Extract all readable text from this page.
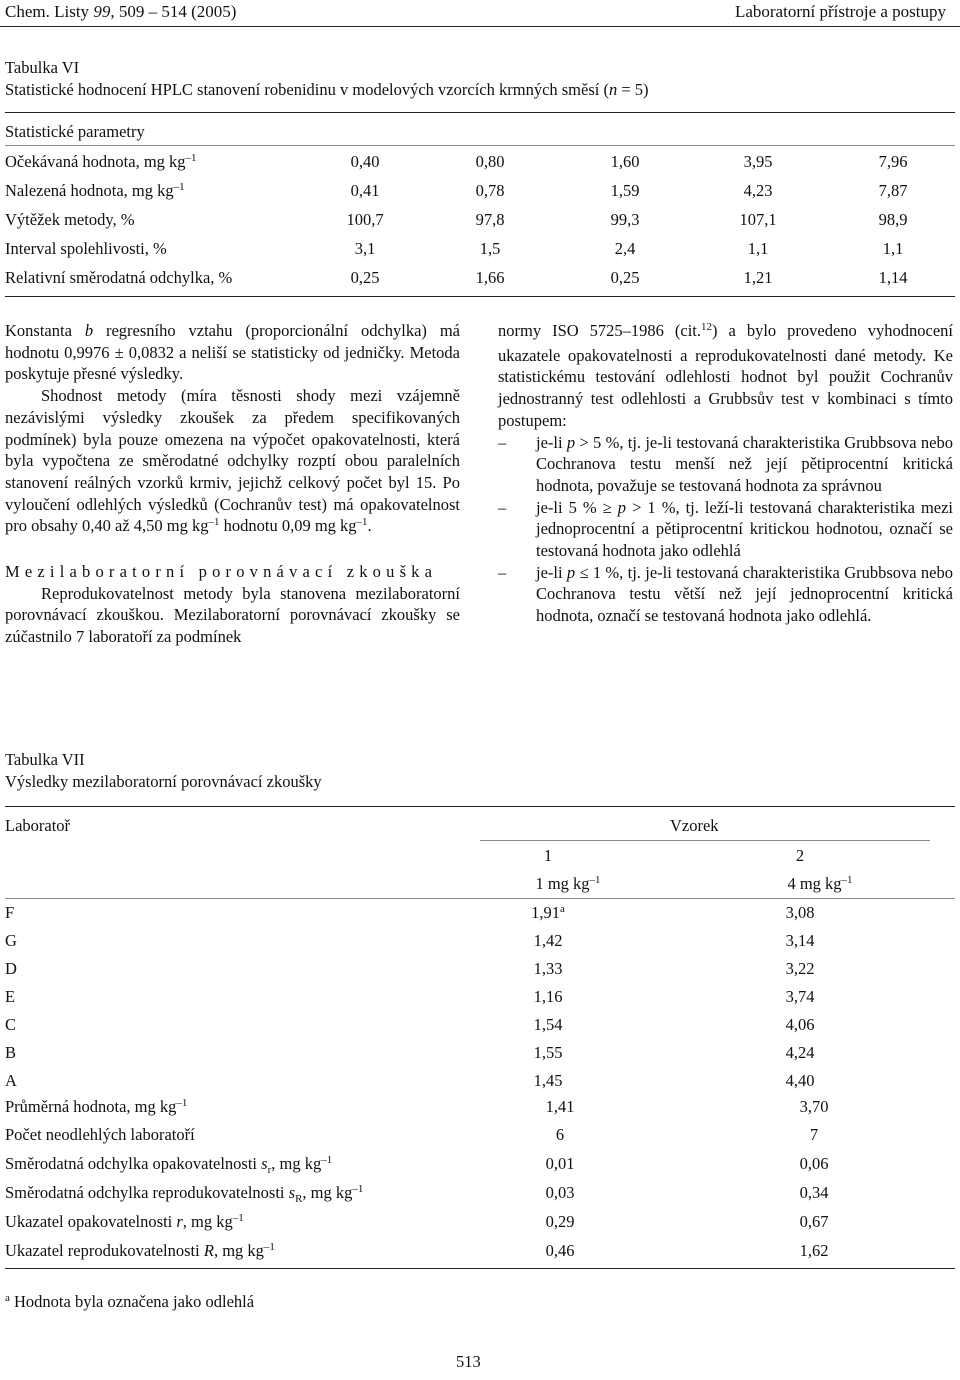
Chem. Listy 99, 509 – 514 (2005)	Laboratorní přístroje a postupy
Tabulka VI
Statistické hodnocení HPLC stanovení robenidinu v modelových vzorcích krmných směsí (n = 5)
Statistické parametry
Očekávaná hodnota, mg $kg^{-1}$	0,40	0,80	1,60	3,95	7,96
Nalezená hodnota, mg $kg^{-1}$	0,41	0,78	1,59	4,23	7,87
Výtěžek metody, %	100,7	97,8	99,3	107,1	98,9
Interval spolehlivosti, %	3,1	1,5	2,4	1,1	1,1
Relativní směrodatná odchylka, %	0,25	1,66	0,25	1,21	1,14

Konstanta b regresního vztahu (proporcionální odchylka) má hodnotu 0,9976 ± 0,0832 a neliší se statisticky od jedničky. Metoda poskytuje přesné výsledky.

Shodnost metody (míra těsnosti shody mezi vzájemně nezávislými výsledky zkoušek za předem specifikovaných podmínek) byla pouze omezena na výpočet opakovatelnosti, která byla vypočtena ze směrodatné odchylky rozptí obou paralelních stanovení reálných vzorků krmiv, jejichž celkový počet byl 15. Po vyloučení odlehlých výsledků (Cochranův test) má opakovatelnost pro obsahy 0,40 až 4,50 mg $kg^{-1}$ hodnotu 0,09 mg $kg^{-1}$.

Mezilaboratorní porovnávací zkouška

Reprodukovatelnost metody byla stanovena mezilaboratorní porovnávací zkouškou. Mezilaboratorní porovnávací zkoušky se zúčastnilo 7 laboratoří za podmínek

normy ISO 5725–1986 (cit.$^{12}$) a bylo provedeno vyhodnocení ukazatele opakovatelnosti a reprodukovatelnosti dané metody. Ke statistickému testování odlehlosti hodnot byl použit Cochranův jednostranný test odlehlosti a Grubbsův test v kombinaci s tímto postupem:

– je-li p > 5 %, tj. je-li testovaná charakteristika Grubbsova nebo Cochranova testu menší než její pětiprocentní kritická hodnota, považuje se testovaná hodnota za správnou

– je-li 5 % ≥ p > 1 %, tj. leží-li testovaná charakteristika mezi jednoprocentní a pětiprocentní kritickou hodnotou, označí se testovaná hodnota jako odlehlá

– je-li p ≤ 1 %, tj. je-li testovaná charakteristika Grubbsova nebo Cochranova testu větší než její jednoprocentní kritická hodnota, označí se testovaná hodnota jako odlehlá.

Tabulka VII
Výsledky mezilaboratorní porovnávací zkoušky
Laboratoř	Vzorek
1	2
1 mg $kg^{-1}$	4 mg $kg^{-1}$
F	1,91$^a$	3,08
G	1,42	3,14
D	1,33	3,22
E	1,16	3,74
C	1,54	4,06
B	1,55	4,24
A	1,45	4,40
Průměrná hodnota, mg $kg^{-1}$	1,41	3,70
Počet neodlehlých laboratoří	6	7
Směrodatná odchylka opakovatelnosti $s_r$, mg $kg^{-1}$	0,01	0,06
Směrodatná odchylka reprodukovatelnosti $s_R$, mg $kg^{-1}$	0,03	0,34
Ukazatel opakovatelnosti r, mg $kg^{-1}$	0,29	0,67
Ukazatel reprodukovatelnosti R, mg $kg^{-1}$	0,46	1,62
$^a$ Hodnota byla označena jako odlehlá
513
